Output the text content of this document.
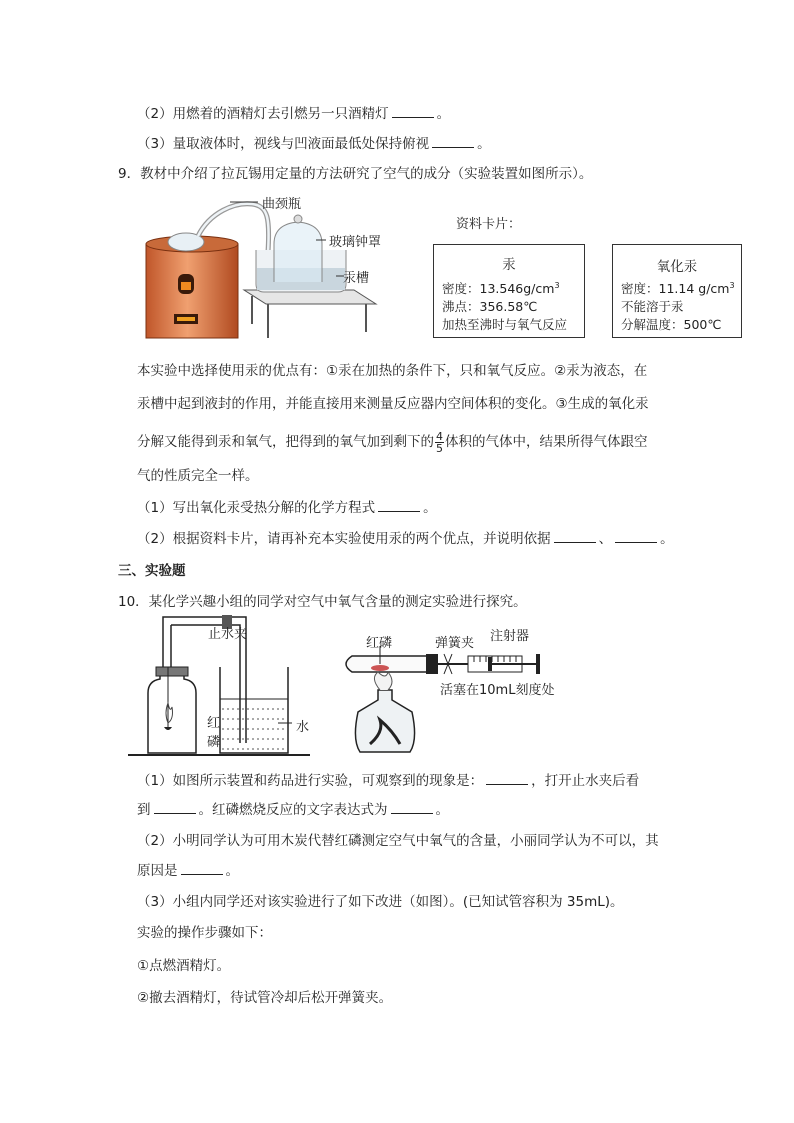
（2）用燃着的酒精灯去引燃另一只酒精灯	。
（3）量取液体时，视线与凹液面最低处保持俯视	。
9．教材中介绍了拉瓦锡用定量的方法研究了空气的成分（实验装置如图所示）。
曲颈瓶
玻璃钟罩
汞槽
资料卡片：
汞
密度：$13.546g/cm^3$
沸点：356.58℃
加热至沸时与氧气反应
氧化汞
密度：11.14 $g/cm^3$
不能溶于汞
分解温度：500℃
本实验中选择使用汞的优点有：①汞在加热的条件下，只和氧气反应。②汞为液态，在
汞槽中起到液封的作用，并能直接用来测量反应器内空间体积的变化。③生成的氧化汞
分解又能得到汞和氧气，把得到的氧气加到剩下的 $\frac{4}{5}$ 体积的气体中，结果所得气体跟空
气的性质完全一样。
（1）写出氧化汞受热分解的化学方程式	。
（2）根据资料卡片，请再补充本实验使用汞的两个优点，并说明依据	、	。
三、实验题
10．某化学兴趣小组的同学对空气中氧气含量的测定实验进行探究。
止水夹
红
磷
水
红磷	弹簧夹 注射器
活塞在10mL刻度处
（1）如图所示装置和药品进行实验，可观察到的现象是：	，打开止水夹后看
到	。红磷燃烧反应的文字表达式为	。
（2）小明同学认为可用木炭代替红磷测定空气中氧气的含量，小丽同学认为不可以，其
原因是	。
（3）小组内同学还对该实验进行了如下改进（如图）。(已知试管容积为 35mL)。
实验的操作步骤如下：
①点燃酒精灯。
②撤去酒精灯，待试管冷却后松开弹簧夹。
